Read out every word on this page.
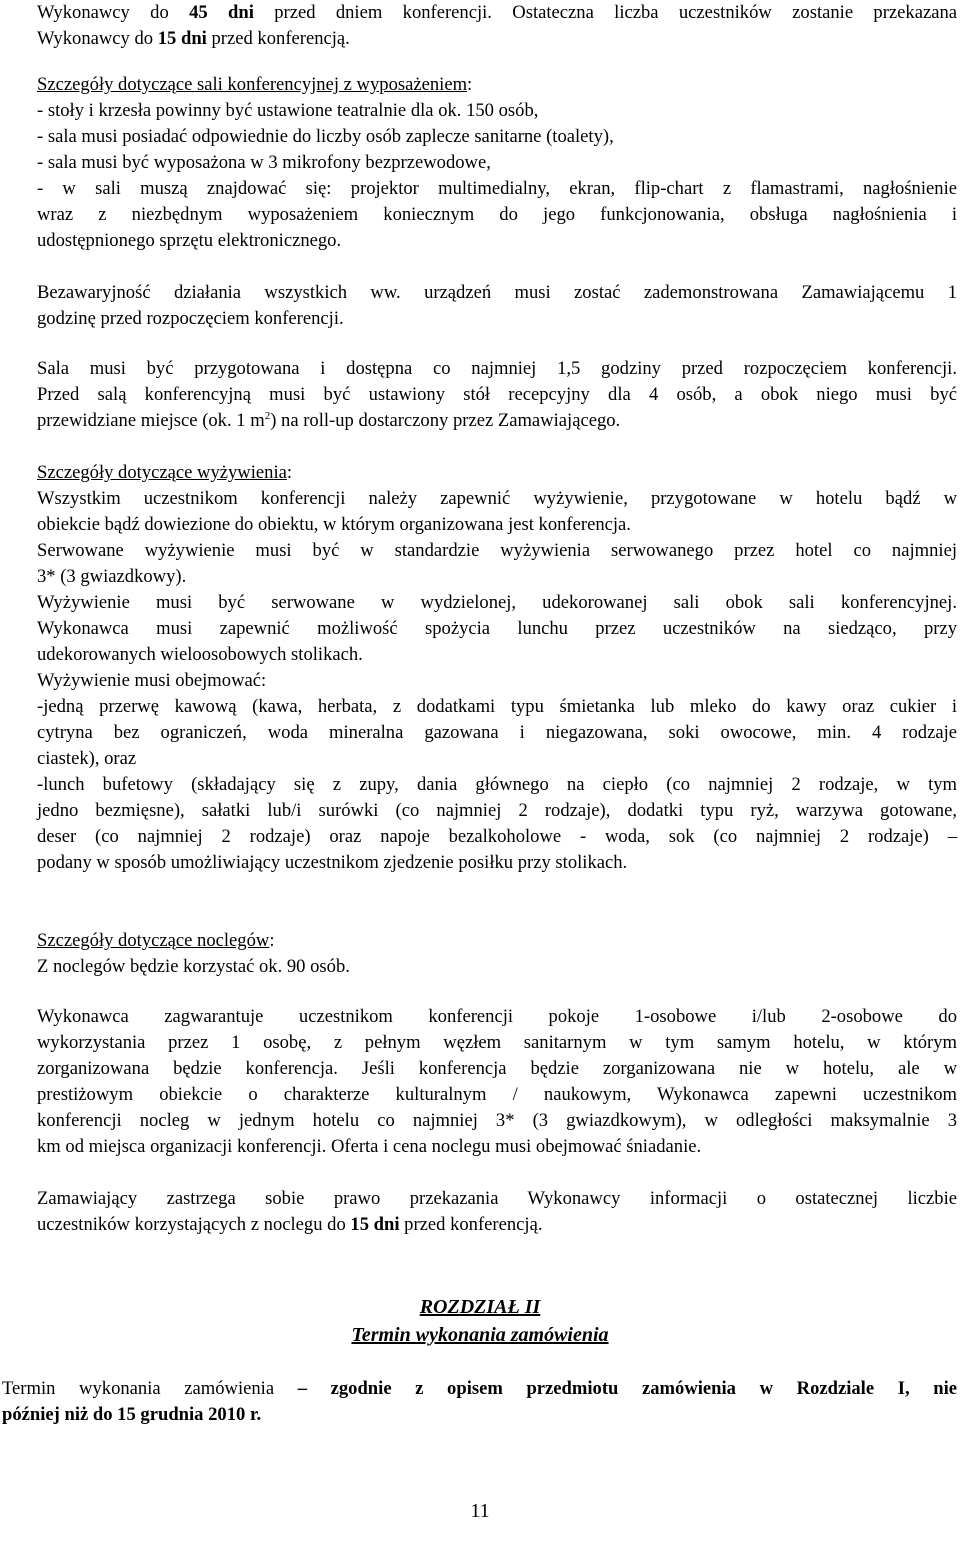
Wykonawcy do 45 dni przed dniem konferencji. Ostateczna liczba uczestników zostanie przekazana
Wykonawcy do 15 dni przed konferencją.
Szczegóły dotyczące sali konferencyjnej z wyposażeniem:
- stoły i krzesła powinny być ustawione teatralnie dla ok. 150 osób,
- sala musi posiadać odpowiednie do liczby osób zaplecze sanitarne (toalety),
- sala musi być wyposażona w 3 mikrofony bezprzewodowe,
- w sali muszą znajdować się: projektor multimedialny, ekran, flip-chart z flamastrami, nagłośnienie
wraz z niezbędnym wyposażeniem koniecznym do jego funkcjonowania, obsługa nagłośnienia i
udostępnionego sprzętu elektronicznego.
Bezawaryjność działania wszystkich ww. urządzeń musi zostać zademonstrowana Zamawiającemu 1
godzinę przed rozpoczęciem konferencji.
Sala musi być przygotowana i dostępna co najmniej 1,5 godziny przed rozpoczęciem konferencji.
Przed salą konferencyjną musi być ustawiony stół recepcyjny dla 4 osób, a obok niego musi być
przewidziane miejsce (ok. 1 $m^2$) na roll-up dostarczony przez Zamawiającego.
Szczegóły dotyczące wyżywienia:
Wszystkim uczestnikom konferencji należy zapewnić wyżywienie, przygotowane w hotelu bądź w
obiekcie bądź dowiezione do obiektu, w którym organizowana jest konferencja.
Serwowane wyżywienie musi być w standardzie wyżywienia serwowanego przez hotel co najmniej
3* (3 gwiazdkowy).
Wyżywienie musi być serwowane w wydzielonej, udekorowanej sali obok sali konferencyjnej.
Wykonawca musi zapewnić możliwość spożycia lunchu przez uczestników na siedząco, przy
udekorowanych wieloosobowych stolikach.
Wyżywienie musi obejmować:
-jedną przerwę kawową (kawa, herbata, z dodatkami typu śmietanka lub mleko do kawy oraz cukier i
cytryna bez ograniczeń, woda mineralna gazowana i niegazowana, soki owocowe, min. 4 rodzaje
ciastek), oraz
-lunch bufetowy (składający się z zupy, dania głównego na ciepło (co najmniej 2 rodzaje, w tym
jedno bezmięsne), sałatki lub/i surówki (co najmniej 2 rodzaje), dodatki typu ryż, warzywa gotowane,
deser (co najmniej 2 rodzaje) oraz napoje bezalkoholowe - woda, sok (co najmniej 2 rodzaje) –
podany w sposób umożliwiający uczestnikom zjedzenie posiłku przy stolikach.
Szczegóły dotyczące noclegów:
Z noclegów będzie korzystać ok. 90 osób.
Wykonawca zagwarantuje uczestnikom konferencji pokoje 1-osobowe i/lub 2-osobowe do
wykorzystania przez 1 osobę, z pełnym węzłem sanitarnym w tym samym hotelu, w którym
zorganizowana będzie konferencja. Jeśli konferencja będzie zorganizowana nie w hotelu, ale w
prestiżowym obiekcie o charakterze kulturalnym / naukowym, Wykonawca zapewni uczestnikom
konferencji nocleg w jednym hotelu co najmniej 3* (3 gwiazdkowym), w odległości maksymalnie 3
km od miejsca organizacji konferencji. Oferta i cena noclegu musi obejmować śniadanie.
Zamawiający zastrzega sobie prawo przekazania Wykonawcy informacji o ostatecznej liczbie
uczestników korzystających z noclegu do 15 dni przed konferencją.
ROZDZIAŁ II
Termin wykonania zamówienia
Termin wykonania zamówienia – zgodnie z opisem przedmiotu zamówienia w Rozdziale I, nie
później niż do 15 grudnia 2010 r.
11
